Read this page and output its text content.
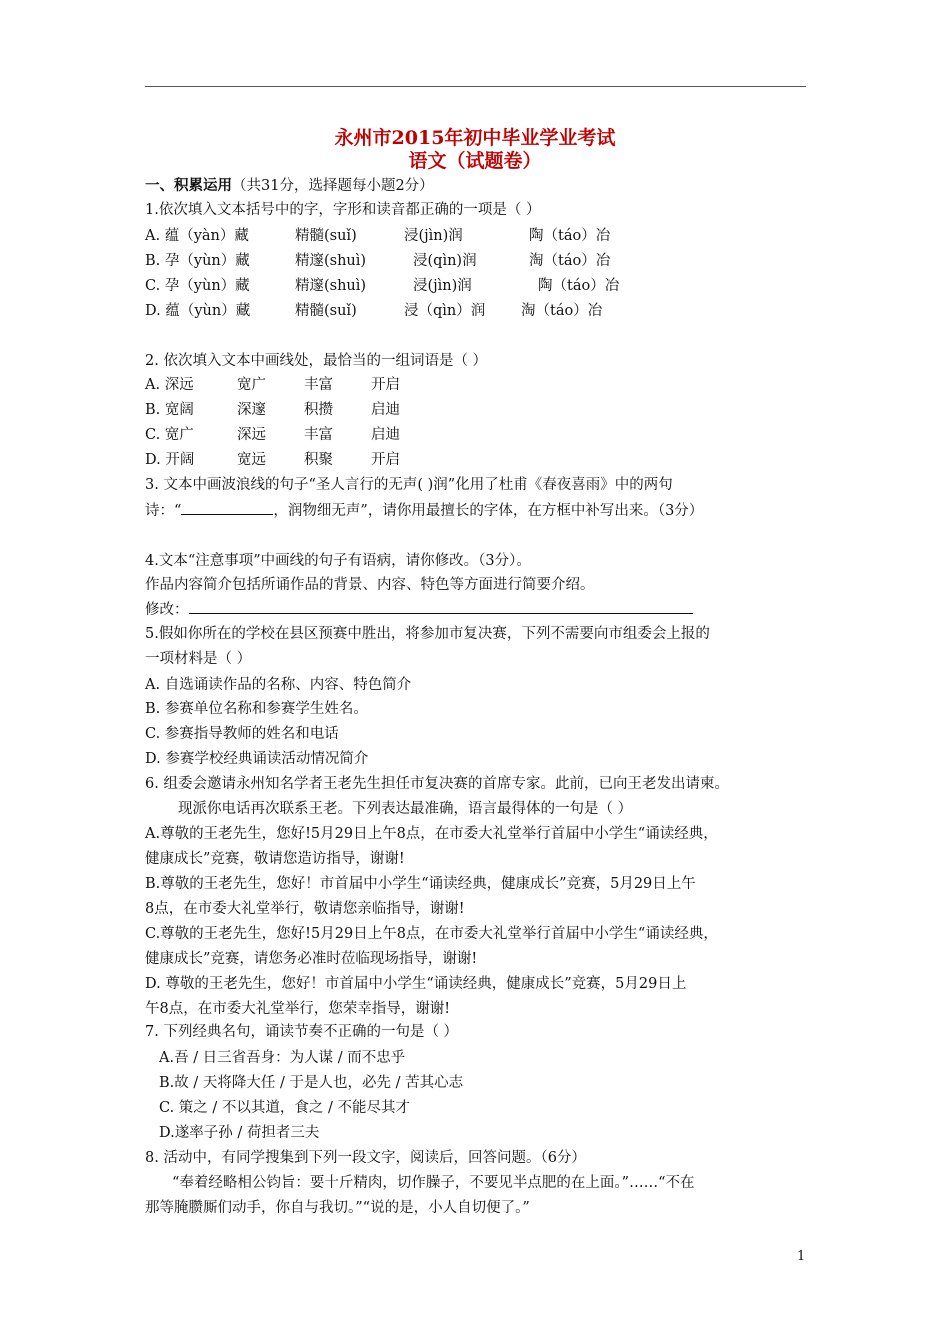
永州市2015年初中毕业学业考试
语文（试题卷）
一、积累运用（共31分，选择题每小题2分）
1.依次填入文本括号中的字，字形和读音都正确的一项是（ ）
A. 蕴（yàn）藏	精髓(suǐ)	浸(jìn)润	陶（táo）冶
B. 孕（yùn）藏	精邃(shuì)	浸(qìn)润	淘（táo）冶
C. 孕（yùn）藏	精邃(shuì)	浸(jìn)润	陶（táo）冶
D. 蕴（yùn）藏	精髓(suǐ)	浸（qìn）润 淘（táo）冶
2. 依次填入文本中画线处，最恰当的一组词语是（ ）
A. 深远	宽广	丰富	开启
B. 宽阔	深邃	积攒	启迪
C. 宽广	深远	丰富	启迪
D. 开阔	宽远	积聚	开启
3. 文本中画波浪线的句子“圣人言行的无声( )润”化用了杜甫《春夜喜雨》中的两句
诗：“	，润物细无声”，请你用最擅长的字体，在方框中补写出来。（3分）
4.文本“注意事项”中画线的句子有语病，请你修改。（3分）。
作品内容简介包括所诵作品的背景、内容、特色等方面进行简要介绍。
修改：
5.假如你所在的学校在县区预赛中胜出，将参加市复决赛，下列不需要向市组委会上报的
一项材料是（ ）
A. 自选诵读作品的名称、内容、特色简介
B. 参赛单位名称和参赛学生姓名。
C. 参赛指导教师的姓名和电话
D. 参赛学校经典诵读活动情况简介
6. 组委会邀请永州知名学者王老先生担任市复决赛的首席专家。此前，已向王老发出请柬。
现派你电话再次联系王老。下列表达最准确，语言最得体的一句是（ ）
A.尊敬的王老先生，您好!5月29日上午8点，在市委大礼堂举行首届中小学生“诵读经典，
健康成长”竞赛，敬请您造访指导，谢谢!
B.尊敬的王老先生，您好！市首届中小学生“诵读经典，健康成长”竞赛，5月29日上午
8点，在市委大礼堂举行，敬请您亲临指导，谢谢!
C.尊敬的王老先生，您好!5月29日上午8点，在市委大礼堂举行首届中小学生“诵读经典，
健康成长”竞赛，请您务必准时莅临现场指导，谢谢!
D. 尊敬的王老先生，您好！市首届中小学生“诵读经典，健康成长”竞赛，5月29日上
午8点，在市委大礼堂举行，您荣幸指导，谢谢!
7. 下列经典名句，诵读节奏不正确的一句是（ ）
A.吾 / 日三省吾身：为人谋 / 而不忠乎
B.故 / 天将降大任 / 于是人也，必先 / 苦其心志
C. 策之 / 不以其道，食之 / 不能尽其才
D.遂率子孙 / 荷担者三夫
8. 活动中，有同学搜集到下列一段文字，阅读后，回答问题。（6分）
“奉着经略相公钧旨：要十斤精肉，切作臊子，不要见半点肥的在上面。”……“不在
那等腌臜厮们动手，你自与我切。”“说的是，小人自切便了。”
1
